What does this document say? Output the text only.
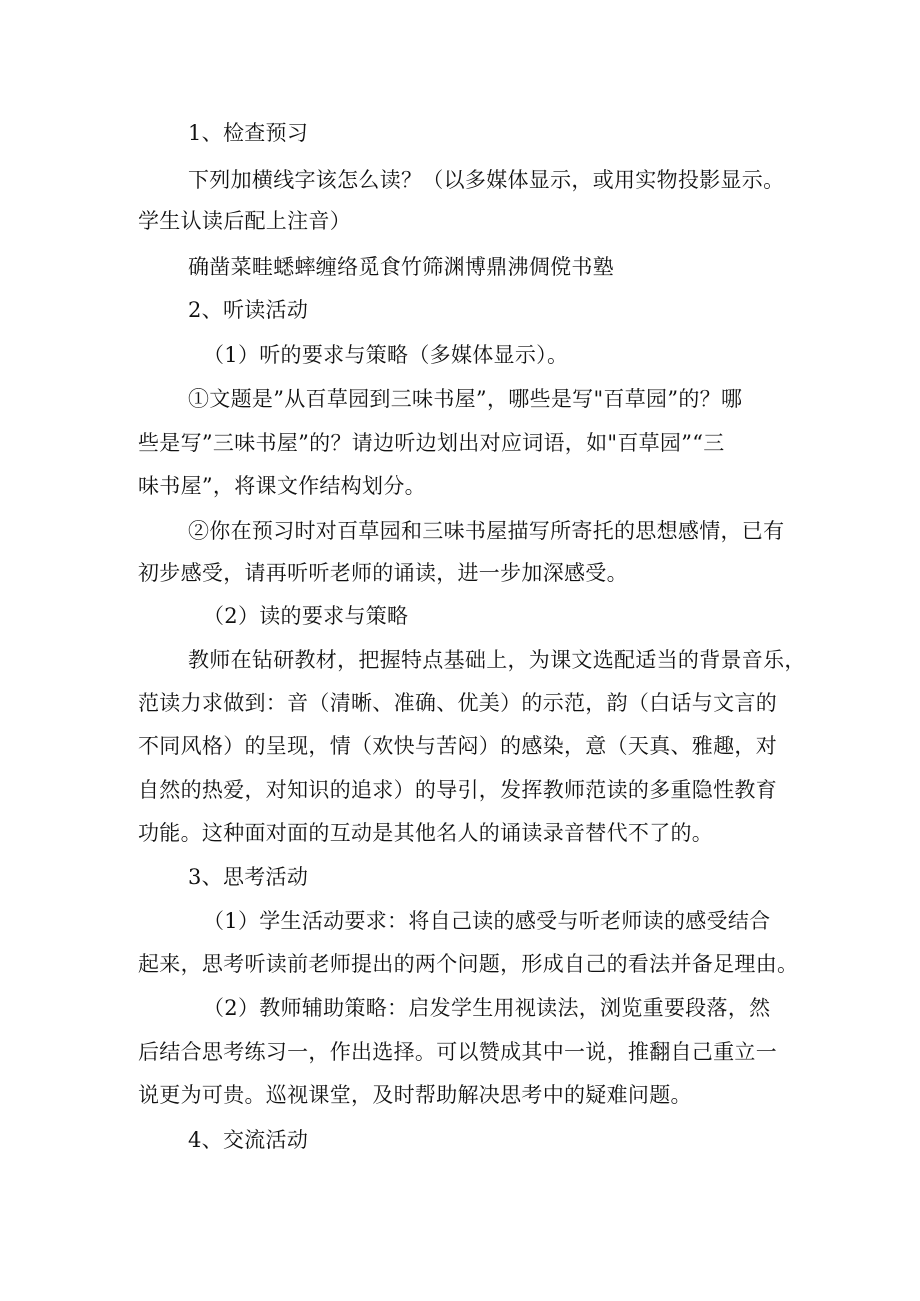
1、检查预习
下列加横线字该怎么读？（以多媒体显示，或用实物投影显示。
学生认读后配上注音）
确凿菜畦蟋蟀缠络觅食竹筛渊博鼎沸倜傥书塾
2、听读活动
（1）听的要求与策略（多媒体显示）。
①文题是”从百草园到三味书屋”，哪些是写"百草园”的？哪
些是写”三味书屋”的？请边听边划出对应词语，如"百草园”“三
味书屋”，将课文作结构划分。
②你在预习时对百草园和三味书屋描写所寄托的思想感情，已有
初步感受，请再听听老师的诵读，进一步加深感受。
（2）读的要求与策略
教师在钻研教材，把握特点基础上，为课文选配适当的背景音乐，
范读力求做到：音（清晰、准确、优美）的示范，韵（白话与文言的
不同风格）的呈现，情（欢快与苦闷）的感染，意（天真、雅趣，对
自然的热爱，对知识的追求）的导引，发挥教师范读的多重隐性教育
功能。这种面对面的互动是其他名人的诵读录音替代不了的。
3、思考活动
（1）学生活动要求：将自己读的感受与听老师读的感受结合
起来，思考听读前老师提出的两个问题，形成自己的看法并备足理由。
（2）教师辅助策略：启发学生用视读法，浏览重要段落，然
后结合思考练习一，作出选择。可以赞成其中一说，推翻自己重立一
说更为可贵。巡视课堂，及时帮助解决思考中的疑难问题。
4、交流活动
